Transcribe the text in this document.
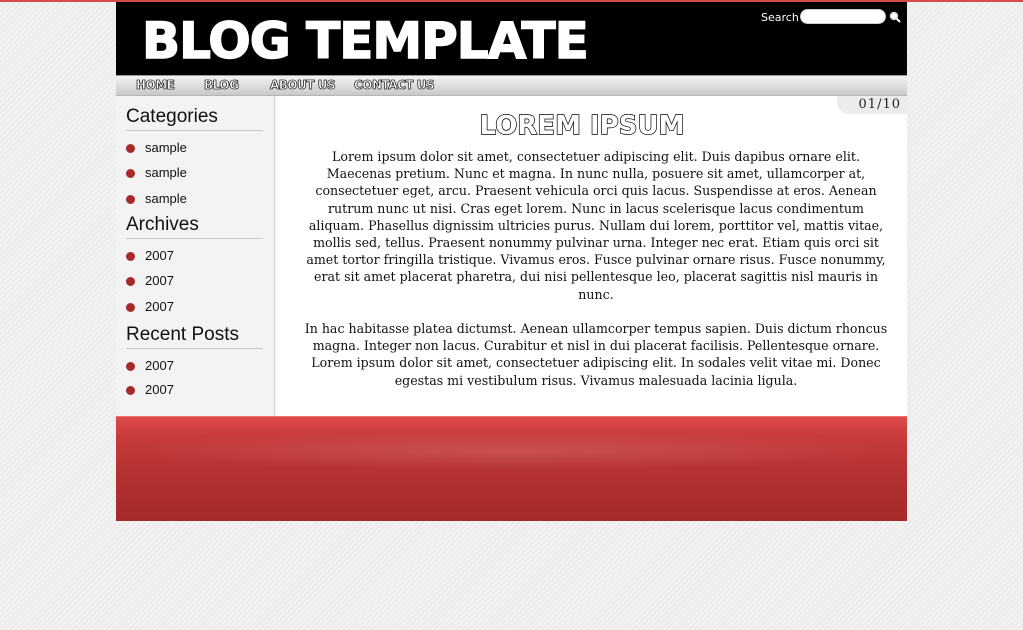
BLOG TEMPLATE	Search
HOME BLOG	ABOUT US CONTACT US
Categories
sample
sample
sample
Archives
2007
2007
2007
Recent Posts
2007
2007
01/10
LOREM IPSUM

Lorem ipsum dolor sit amet, consectetuer adipiscing elit. Duis dapibus ornare elit. Maecenas pretium. Nunc et magna. In nunc nulla, posuere sit amet, ullamcorper at, consectetuer eget, arcu. Praesent vehicula orci quis lacus. Suspendisse at eros. Aenean rutrum nunc ut nisi. Cras eget lorem. Nunc in lacus scelerisque lacus condimentum aliquam. Phasellus dignissim ultricies purus. Nullam dui lorem, porttitor vel, mattis vitae, mollis sed, tellus. Praesent nonummy pulvinar urna. Integer nec erat. Etiam quis orci sit amet tortor fringilla tristique. Vivamus eros. Fusce pulvinar ornare risus. Fusce nonummy, erat sit amet placerat pharetra, dui nisi pellentesque leo, placerat sagittis nisl mauris in nunc.

In hac habitasse platea dictumst. Aenean ullamcorper tempus sapien. Duis dictum rhoncus magna. Integer non lacus. Curabitur et nisl in dui placerat facilisis. Pellentesque ornare. Lorem ipsum dolor sit amet, consectetuer adipiscing elit. In sodales velit vitae mi. Donec egestas mi vestibulum risus. Vivamus malesuada lacinia ligula.
